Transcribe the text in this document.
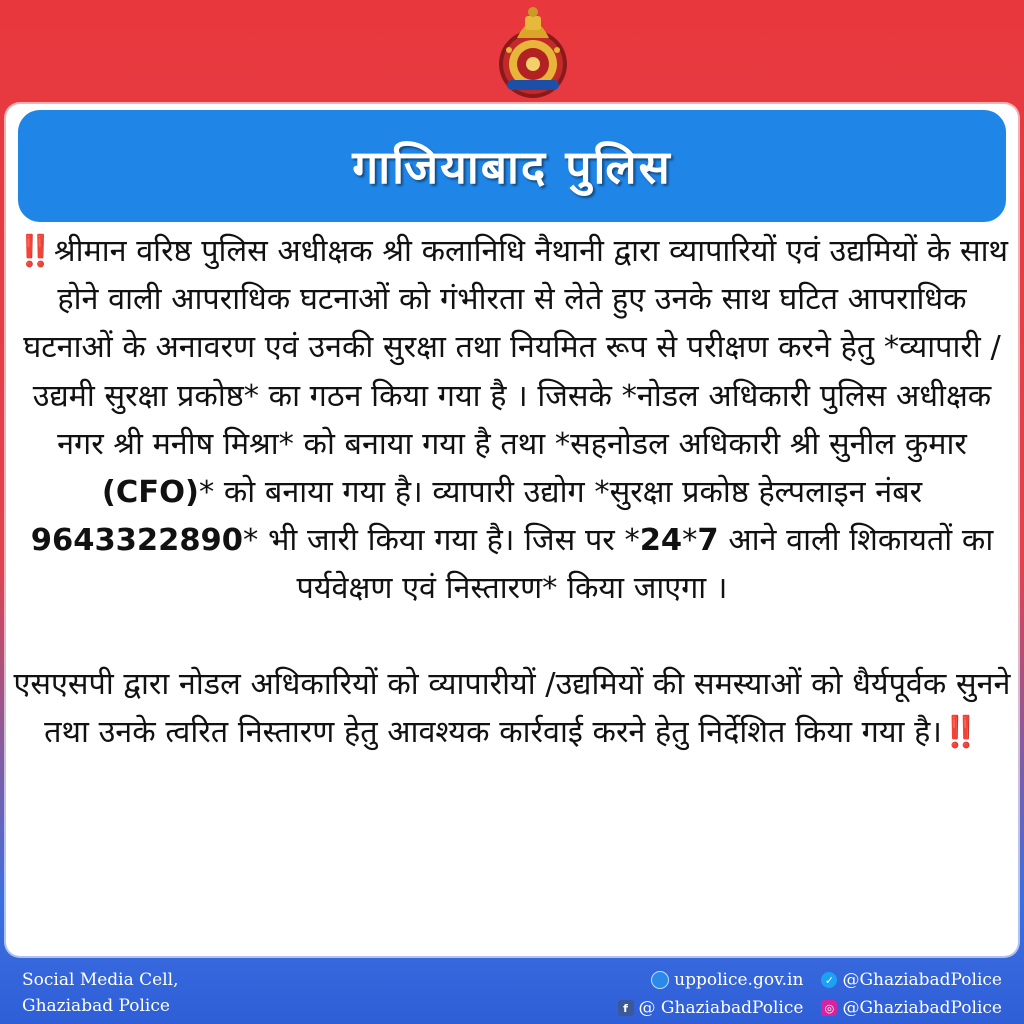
गाजियाबाद पुलिस

‼️श्रीमान वरिष्ठ पुलिस अधीक्षक श्री कलानिधि नैथानी द्वारा व्यापारियों एवं उद्यमियों के साथ होने वाली आपराधिक घटनाओं को गंभीरता से लेते हुए उनके साथ घटित आपराधिक घटनाओं के अनावरण एवं उनकी सुरक्षा तथा नियमित रूप से परीक्षण करने हेतु *व्यापारी / उद्यमी सुरक्षा प्रकोष्ठ* का गठन किया गया है । जिसके *नोडल अधिकारी पुलिस अधीक्षक नगर श्री मनीष मिश्रा* को बनाया गया है तथा *सहनोडल अधिकारी श्री सुनील कुमार (CFO)* को बनाया गया है। व्यापारी उद्योग *सुरक्षा प्रकोष्ठ हेल्पलाइन नंबर 9643322890* भी जारी किया गया है। जिस पर *24*7 आने वाली शिकायतों का पर्यवेक्षण एवं निस्तारण* किया जाएगा ।

एसएसपी द्वारा नोडल अधिकारियों को व्यापारीयों /उद्यमियों की समस्याओं को धैर्यपूर्वक सुनने तथा उनके त्वरित निस्तारण हेतु आवश्यक कार्रवाई करने हेतु निर्देशित किया गया है।‼️

Social Media Cell,
Ghaziabad Police
uppolice.gov.in	✓ @GhaziabadPolice
f @ GhaziabadPolice ◎ @GhaziabadPolice
